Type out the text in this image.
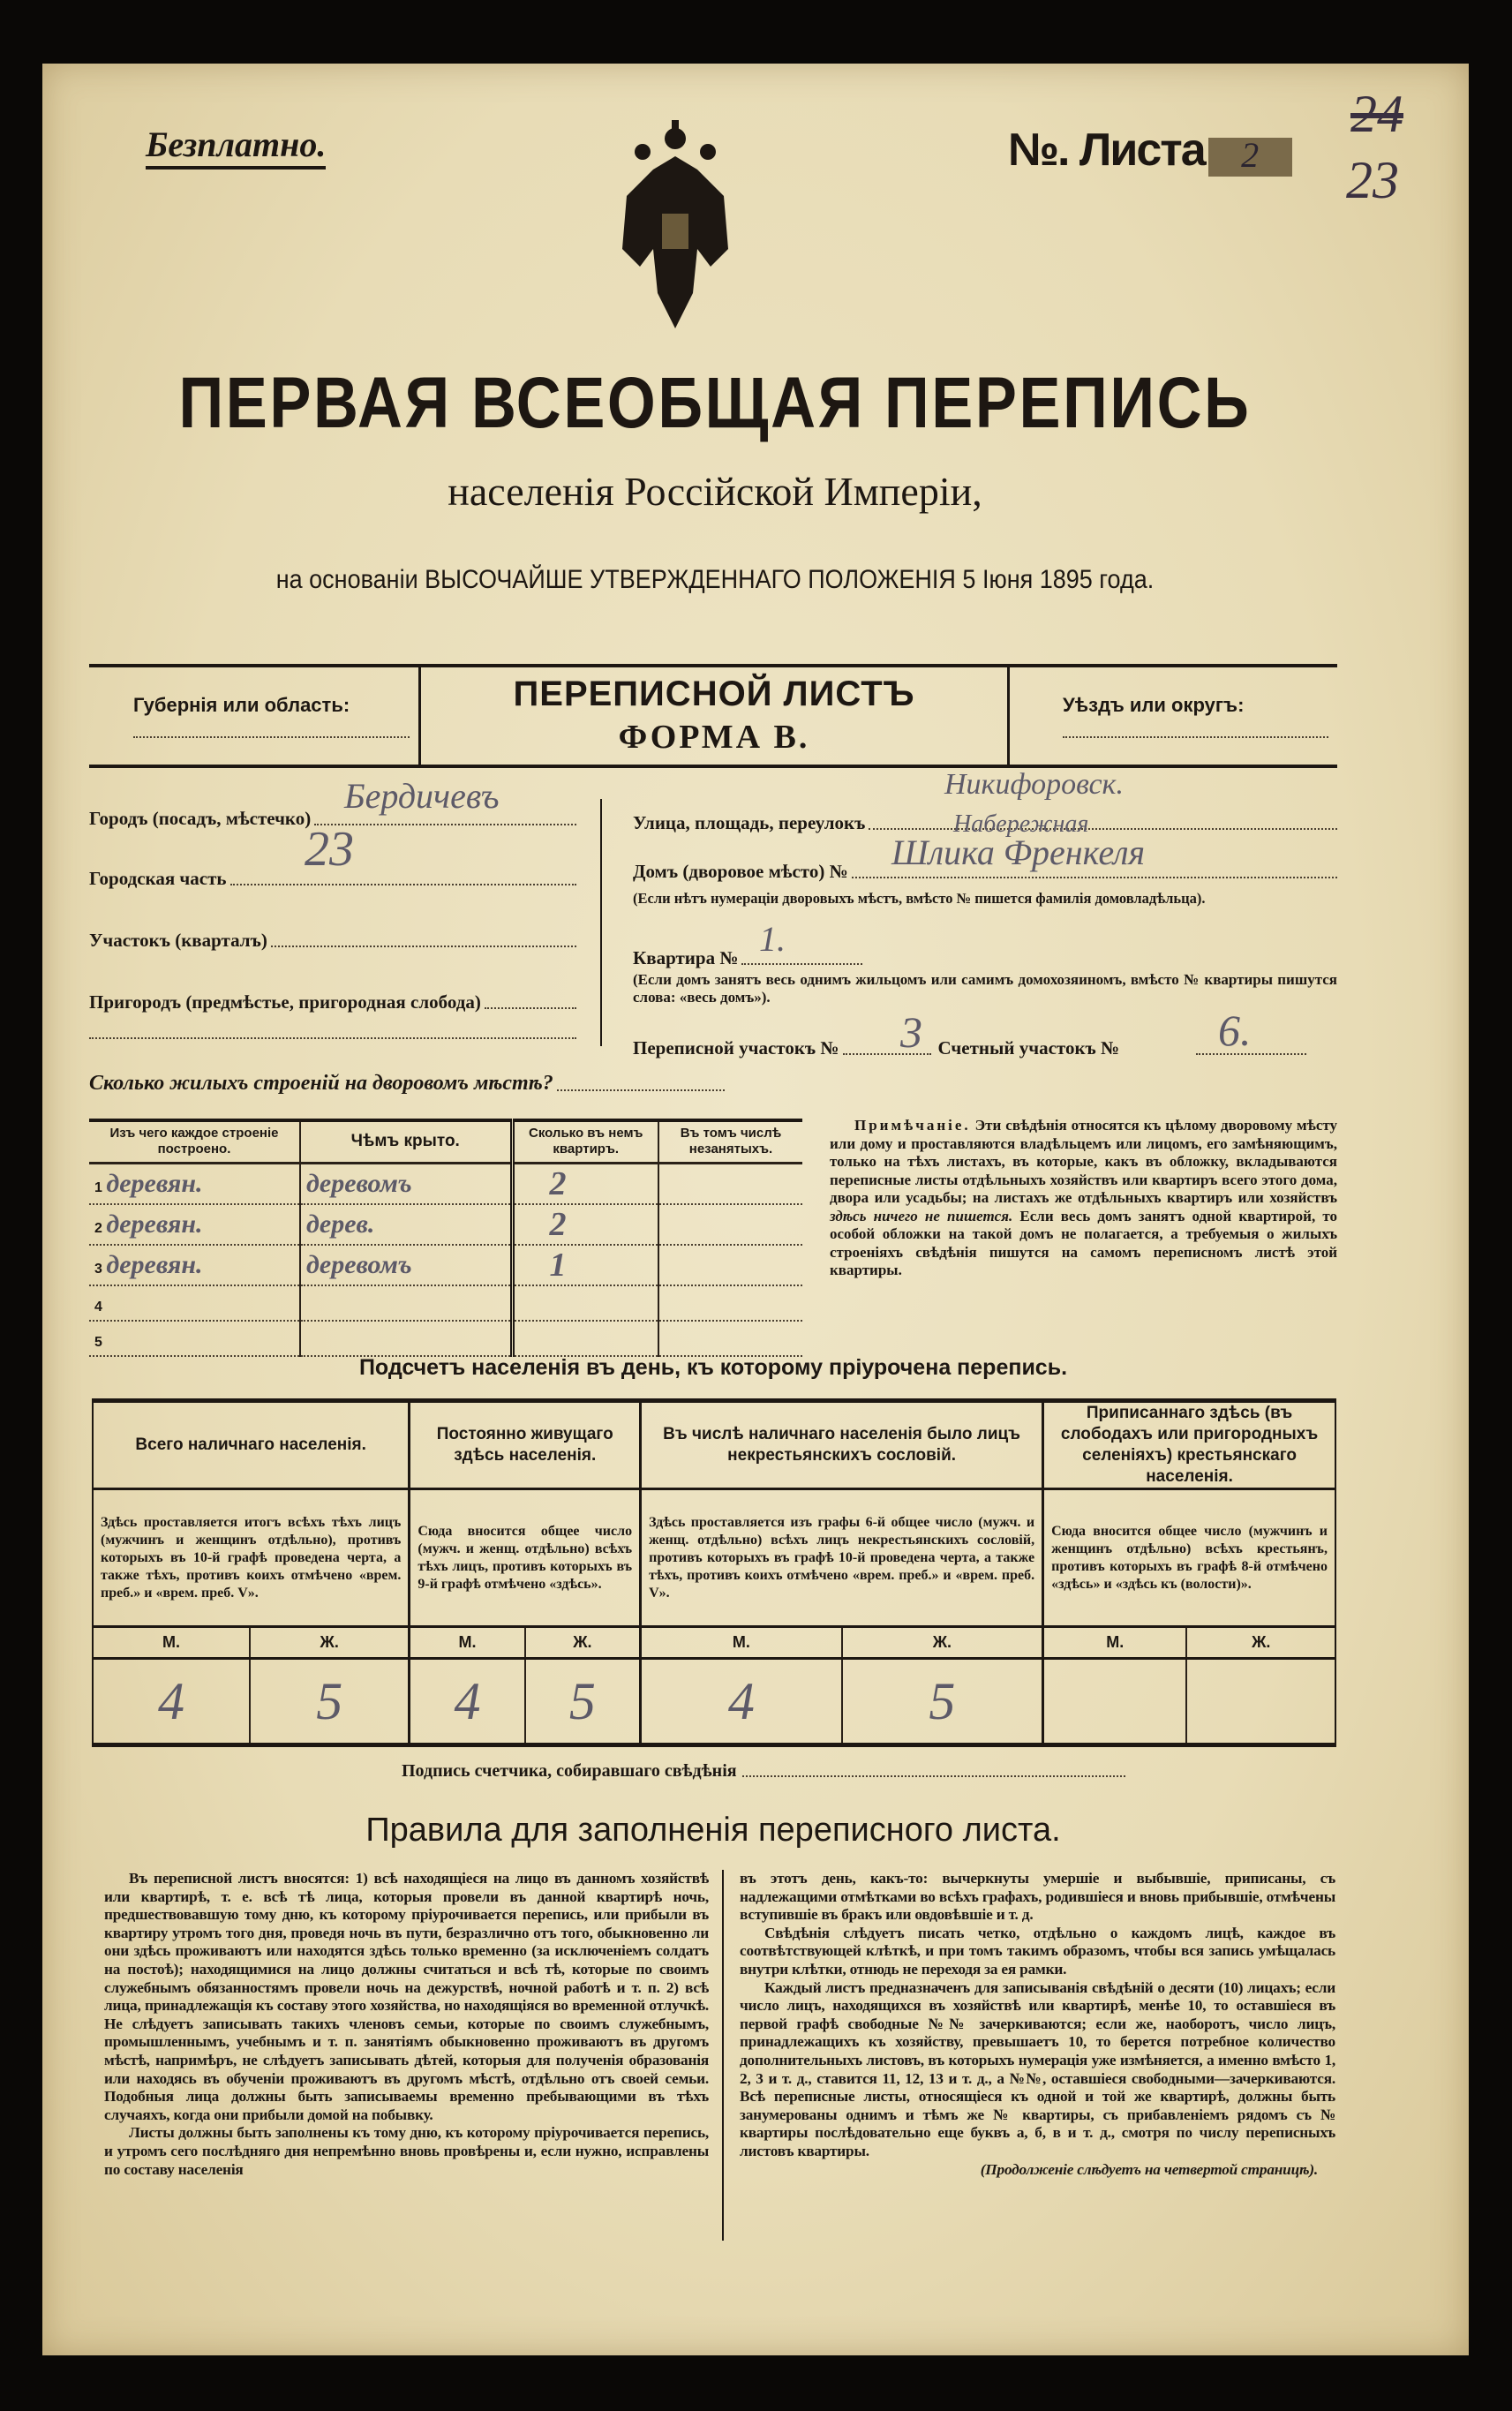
Безплатно.	№. Листа	2
24
23
ПЕРВАЯ ВСЕОБЩАЯ ПЕРЕПИСЬ
населенія Россійской Имперіи,
на основаніи ВЫСОЧАЙШЕ УТВЕРЖДЕННАГО ПОЛОЖЕНІЯ 5 Іюня 1895 года.
Губернія или область:	ПЕРЕПИСНОЙ ЛИСТЪ
ФОРМА В.
Уѣздъ или округъ:
Городъ (посадъ, мѣстечко)
Бердичевъ
Городская часть
23
Участокъ (кварталъ)
Пригородъ (предмѣстье, пригородная слобода)
Улица, площадь, переулокъ
Никифоровск.
Набережная
Домъ (дворовое мѣсто) № Шлика Френкеля
(Если нѣтъ нумераціи дворовыхъ мѣстъ, вмѣсто № пишется фамилія домовладѣльца).
Квартира № 1.
(Если домъ занятъ весь однимъ жильцомъ или самимъ домохозяиномъ, вмѣсто № квартиры пишутся слова: «весь домъ»).
Переписной участокъ №	Счетный участокъ №
3	6.
Сколько жилыхъ строеній на дворовомъ мѣстѣ?
Изъ чего каждое строеніе построено.	Чѣмъ крыто.	Сколько въ немъ квартиръ.	Въ томъ числѣ незанятыхъ.
1 деревян.	деревомъ	2	
2 деревян.	дерев.	2	
3 деревян.	деревомъ	1	
4			
5			
Примѣчаніе. Эти свѣдѣнія относятся къ цѣлому дворовому мѣсту или дому и проставляются владѣльцемъ или лицомъ, его замѣняющимъ, только на тѣхъ листахъ, въ которые, какъ въ обложку, вкладываются переписные листы отдѣльныхъ хозяйствъ или квартиръ всего этого дома, двора или усадьбы; на листахъ же отдѣльныхъ квартиръ или хозяйствъ здѣсь ничего не пишется. Если весь домъ занятъ одной квартирой, то особой обложки на такой домъ не полагается, а требуемыя о жилыхъ строеніяхъ свѣдѣнія пишутся на самомъ переписномъ листѣ этой квартиры.
Подсчетъ населенія въ день, къ которому пріурочена перепись.
Всего наличнаго населенія.		Постоянно живущаго здѣсь населенія.		Въ числѣ наличнаго населенія было лицъ некрестьянскихъ сословій.		Приписаннаго здѣсь (въ слободахъ или пригородныхъ селеніяхъ) крестьянскаго населенія.	
Здѣсь проставляется итогъ всѣхъ тѣхъ лицъ (мужчинъ и женщинъ отдѣльно), противъ которыхъ въ 10-й графѣ проведена черта, а также тѣхъ, противъ коихъ отмѣчено «врем. преб.» и «врем. преб. V».		Сюда вносится общее число (мужч. и женщ. отдѣльно) всѣхъ тѣхъ лицъ, противъ которыхъ въ 9-й графѣ отмѣчено «здѣсь».		Здѣсь проставляется изъ графы 6-й общее число (мужч. и женщ. отдѣльно) всѣхъ лицъ некрестьянскихъ сословій, противъ которыхъ въ графѣ 10-й проведена черта, а также тѣхъ, противъ коихъ отмѣчено «врем. преб.» и «врем. преб. V».		Сюда вносится общее число (мужчинъ и женщинъ отдѣльно) всѣхъ крестьянъ, противъ которыхъ въ графѣ 8-й отмѣчено «здѣсь» и «здѣсь къ (волости)».	
М.	Ж.	М.	Ж.	М.	Ж.	М.	Ж.
4	5	4	5	4	5		
Подпись счетчика, собиравшаго свѣдѣнія
Правила для заполненія переписного листа.

Въ переписной листъ вносятся: 1) всѣ находящіеся на лицо въ данномъ хозяйствѣ или квартирѣ, т. е. всѣ тѣ лица, которыя провели въ данной квартирѣ ночь, предшествовавшую тому дню, къ которому пріурочивается перепись, или прибыли въ квартиру утромъ того дня, проведя ночь въ пути, безразлично отъ того, обыкновенно ли они здѣсь проживаютъ или находятся здѣсь только временно (за исключеніемъ солдатъ на постоѣ); находящимися на лицо должны считаться и всѣ тѣ, которые по своимъ служебнымъ обязанностямъ провели ночь на дежурствѣ, ночной работѣ и т. п. 2) всѣ лица, принадлежащія къ составу этого хозяйства, но находящіяся во временной отлучкѣ. Не слѣдуетъ записывать такихъ членовъ семьи, которые по своимъ служебнымъ, промышленнымъ, учебнымъ и т. п. занятіямъ обыкновенно проживаютъ въ другомъ мѣстѣ, напримѣръ, не слѣдуетъ записывать дѣтей, которыя для полученія образованія или находясь въ обученіи проживаютъ въ другомъ мѣстѣ, отдѣльно отъ своей семьи. Подобныя лица должны быть записываемы временно пребывающими въ тѣхъ случаяхъ, когда они прибыли домой на побывку.

Листы должны быть заполнены къ тому дню, къ которому пріурочивается перепись, и утромъ сего послѣдняго дня непремѣнно вновь провѣрены и, если нужно, исправлены по составу населенія

въ этотъ день, какъ-то: вычеркнуты умершіе и выбывшіе, приписаны, съ надлежащими отмѣтками во всѣхъ графахъ, родившіеся и вновь прибывшіе, отмѣчены вступившіе въ бракъ или овдовѣвшіе и т. д.

Свѣдѣнія слѣдуетъ писать четко, отдѣльно о каждомъ лицѣ, каждое въ соотвѣтствующей клѣткѣ, и при томъ такимъ образомъ, чтобы вся запись умѣщалась внутри клѣтки, отнюдь не переходя за ея рамки.

Каждый листъ предназначенъ для записыванія свѣдѣній о десяти (10) лицахъ; если число лицъ, находящихся въ хозяйствѣ или квартирѣ, менѣе 10, то оставшіеся въ первой графѣ свободные №№ зачеркиваются; если же, наоборотъ, число лицъ, принадлежащихъ къ хозяйству, превышаетъ 10, то берется потребное количество дополнительныхъ листовъ, въ которыхъ нумерація уже измѣняется, а именно вмѣсто 1, 2, 3 и т. д., ставится 11, 12, 13 и т. д., а №№, оставшіеся свободными—зачеркиваются. Всѣ переписные листы, относящіеся къ одной и той же квартирѣ, должны быть занумерованы однимъ и тѣмъ же № квартиры, съ прибавленіемъ рядомъ съ № квартиры послѣдовательно еще буквъ а, б, в и т. д., смотря по числу переписныхъ листовъ квартиры.

(Продолженіе слѣдуетъ на четвертой страницѣ).
